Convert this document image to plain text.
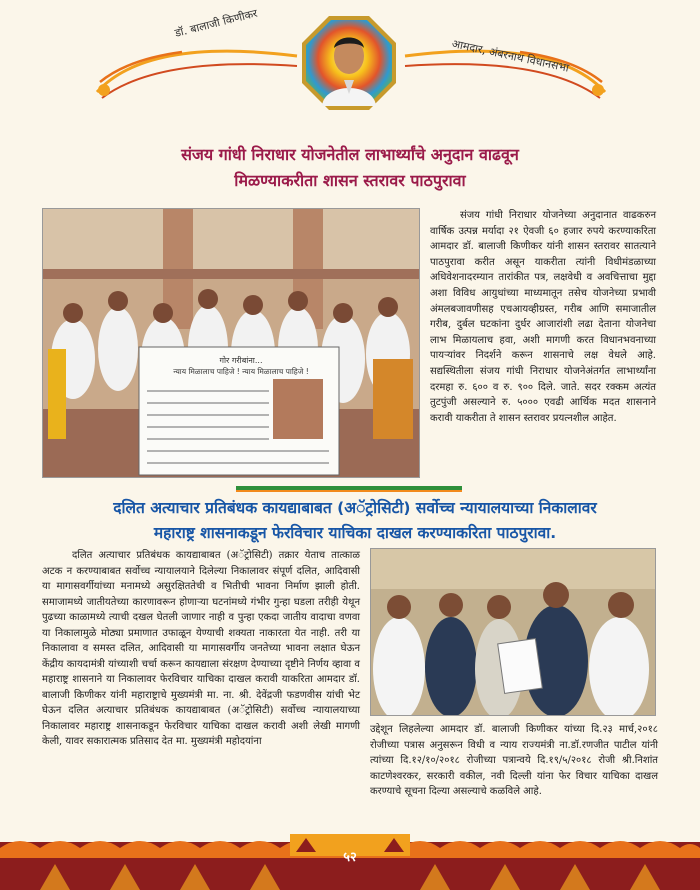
डॉ. बालाजी किणीकर
आमदार, अंबरनाथ विधानसभा
संजय गांधी निराधार योजनेतील लाभार्थ्यांचे अनुदान वाढवून
मिळण्याकरीता शासन स्तरावर पाठपुरावा
गोर गरीबांना...
न्याय मिळालाच पाहिजे ! न्याय मिळालाच पाहिजे !
संजय गांधी निराधार योजनेच्या अनुदानात वाढकरुन वार्षिक उत्पन्न मर्यादा २१ ऐवजी ६० हजार रुपये करण्याकरिता आमदार डॉ. बालाजी किणीकर यांनी शासन स्तरावर सातत्याने पाठपुरावा करीत असून याकरीता त्यांनी विधीमंडळाच्या अधिवेशनादरम्यान तारांकीत पत्र, लक्षवेधी व अवचित्ताचा मुद्दा अशा विविध आयुधांच्या माध्यमातून तसेच योजनेच्या प्रभावी अंमलबजावणीसह एचआयव्हीग्रस्त, गरीब आणि समाजातील गरीब, दुर्बल घटकांना दुर्धर आजारांशी लढा देताना योजनेचा लाभ मिळायलाच हवा, अशी मागणी करत विधानभवनाच्या पायऱ्यांवर निदर्शने करून शासनाचे लक्ष वेधले आहे. सद्यस्थितीला संजय गांधी निराधार योजनेअंतर्गत लाभार्थ्यांना दरमहा रु. ६०० व रु. ९०० दिले. जाते. सदर रक्कम अत्यंत तुटपुंजी असल्याने रु. ५००० एवढी आर्थिक मदत शासनाने करावी याकरीता ते शासन स्तरावर प्रयत्नशील आहेत.
दलित अत्याचार प्रतिबंधक कायद्याबाबत (अॅट्रोसिटी) सर्वोच्च न्यायालयाच्या निकालावर
महाराष्ट्र शासनाकडून फेरविचार याचिका दाखल करण्याकरिता पाठपुरावा.
दलित अत्याचार प्रतिबंधक कायद्याबाबत (अॅट्रोसिटी) तक्रार येताच तात्काळ अटक न करण्याबाबत सर्वोच्च न्यायालयाने दिलेल्या निकालावर संपूर्ण दलित, आदिवासी या मागासवर्गीयांच्या मनामध्ये असुरक्षिततेची व भितीची भावना निर्माण झाली होती. समाजामध्ये जातीयतेच्या कारणावरून होणाऱ्या घटनांमध्ये गंभीर गुन्हा घडला तरीही येथून पुढच्या काळामध्ये त्याची दखल घेतली जाणार नाही व पुन्हा एकदा जातीय वादाचा वणवा या निकालामुळे मोठ्या प्रमाणात उफाळून येण्याची शक्यता नाकारता येत नाही. तरी या निकालावा व समस्त दलित, आदिवासी या मागासवर्गीय जनतेच्या भावना लक्षात घेऊन केंद्रीय कायदामंत्री यांच्याशी चर्चा करून कायद्याला संरक्षण देण्याच्या दृष्टीने निर्णय व्हावा व महाराष्ट्र शासनाने या निकालावर फेरविचार याचिका दाखल करावी याकरिता आमदार डॉ. बालाजी किणीकर यांनी महाराष्ट्राचे मुख्यमंत्री मा. ना. श्री. देवेंद्रजी फडणवीस यांची भेट घेऊन दलित अत्याचार प्रतिबंधक कायद्याबाबत (अॅट्रोसिटी) सर्वोच्च न्यायालयाच्या निकालावर महाराष्ट्र शासनाकडून फेरविचार याचिका दाखल करावी अशी लेखी मागणी केली, यावर सकारात्मक प्रतिसाद देत मा. मुख्यमंत्री महोदयांना
उद्देशून लिहलेल्या आमदार डॉ. बालाजी किणीकर यांच्या दि.२३ मार्च,२०१८ रोजीच्या पत्रास अनुसरून विधी व न्याय राज्यमंत्री ना.डॉ.रणजीत पाटील यांनी त्यांच्या दि.१२/१०/२०१८ रोजीच्या पत्रान्वये दि.१९/५/२०१८ रोजी श्री.निशांत काटणेश्वरकर, सरकारी वकील, नवी दिल्ली यांना फेर विचार याचिका दाखल करण्याचे सूचना दिल्या असल्याचे कळविले आहे.
५२
